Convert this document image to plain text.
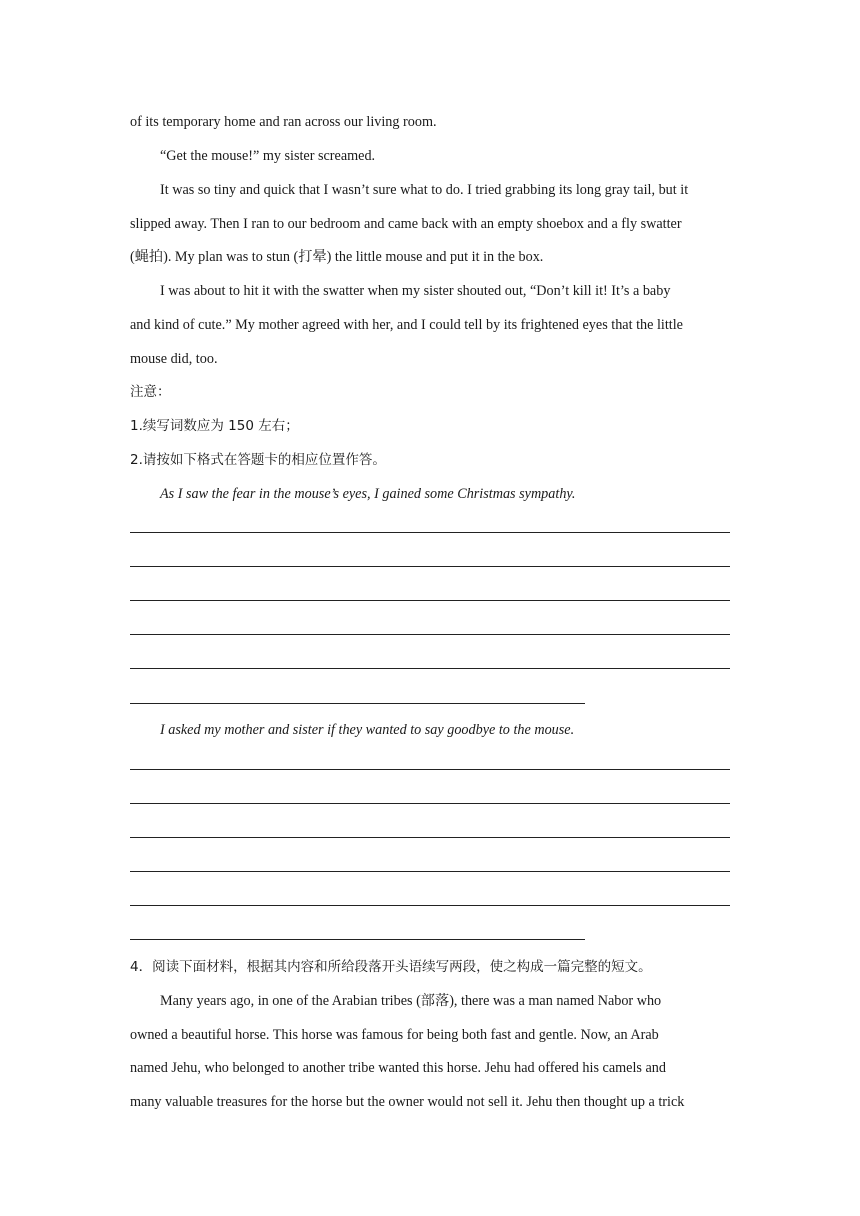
of its temporary home and ran across our living room.
“Get the mouse!” my sister screamed.
It was so tiny and quick that I wasn’t sure what to do. I tried grabbing its long gray tail, but it
slipped away. Then I ran to our bedroom and came back with an empty shoebox and a fly swatter
(蝇拍). My plan was to stun (打晕) the little mouse and put it in the box.
I was about to hit it with the swatter when my sister shouted out, “Don’t kill it! It’s a baby
and kind of cute.” My mother agreed with her, and I could tell by its frightened eyes that the little
mouse did, too.
注意：
1.续写词数应为 150 左右；
2.请按如下格式在答题卡的相应位置作答。
As I saw the fear in the mouse’s eyes, I gained some Christmas sympathy.
I asked my mother and sister if they wanted to say goodbye to the mouse.
4．阅读下面材料，根据其内容和所给段落开头语续写两段，使之构成一篇完整的短文。
Many years ago, in one of the Arabian tribes (部落), there was a man named Nabor who
owned a beautiful horse. This horse was famous for being both fast and gentle. Now, an Arab
named Jehu, who belonged to another tribe wanted this horse. Jehu had offered his camels and
many valuable treasures for the horse but the owner would not sell it. Jehu then thought up a trick
